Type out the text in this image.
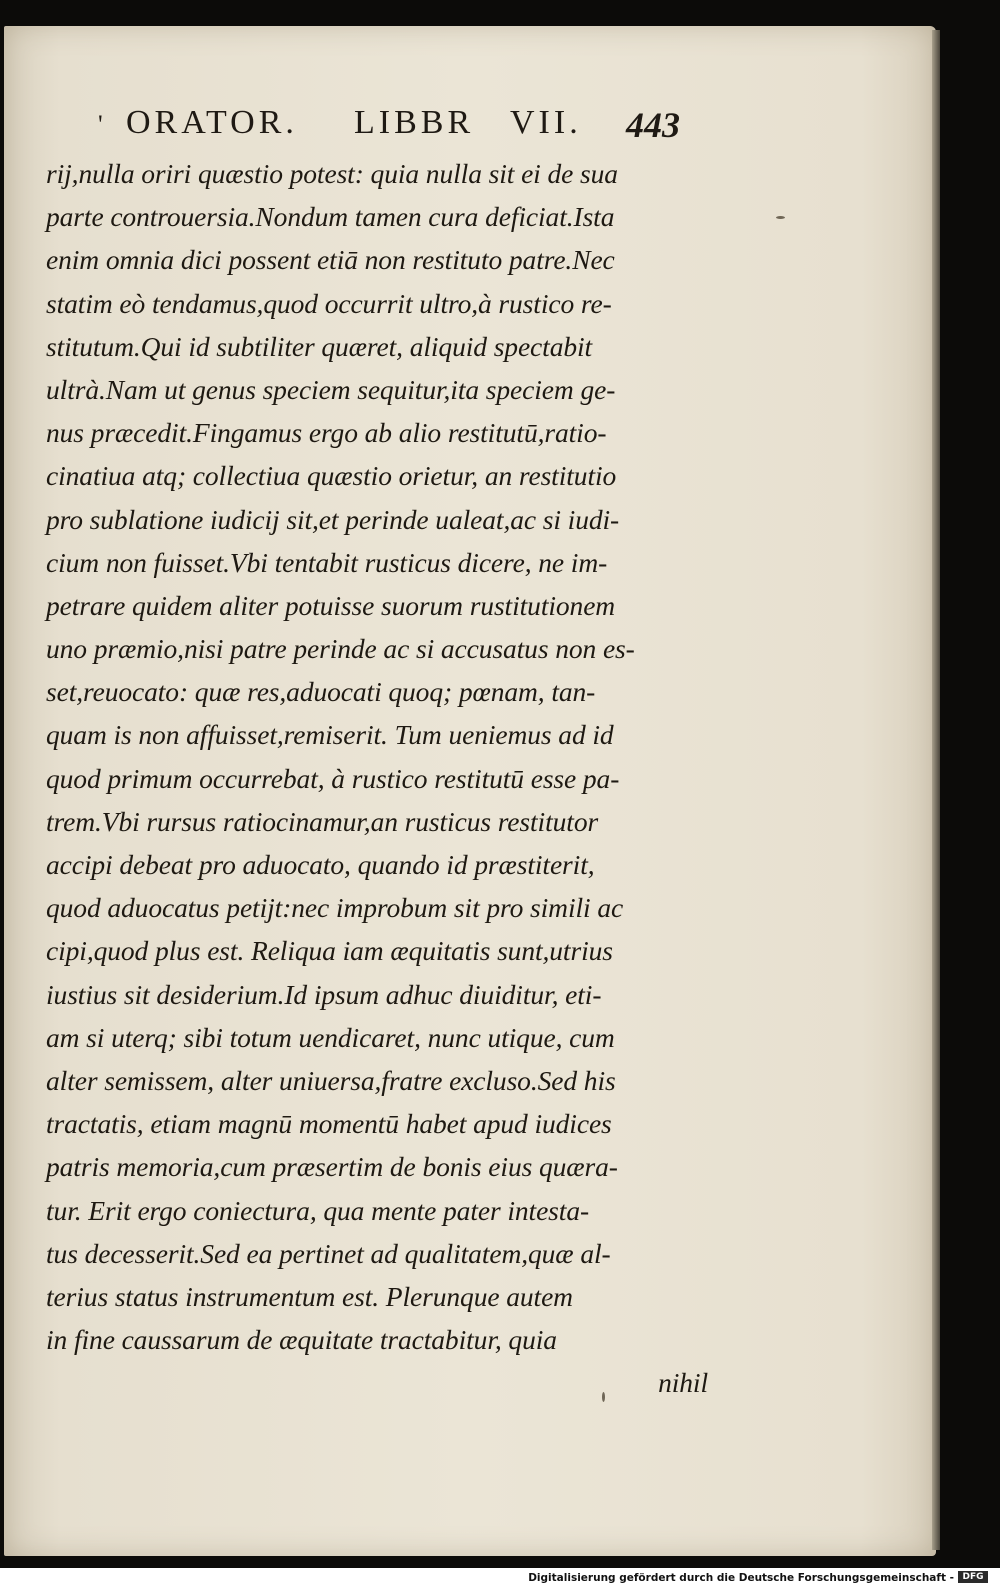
' ORATOR. LIBBR VII. 443
rij,nulla oriri quæstio potest: quia nulla sit ei de sua
parte controuersia.Nondum tamen cura deficiat.Ista
enim omnia dici possent etiā non restituto patre.Nec
statim eò tendamus,quod occurrit ultro,à rustico re-
stitutum.Qui id subtiliter quæret, aliquid spectabit
ultrà.Nam ut genus speciem sequitur,ita speciem ge-
nus præcedit.Fingamus ergo ab alio restitutū,ratio-
cinatiua atq; collectiua quæstio orietur, an restitutio
pro sublatione iudicij sit,et perinde ualeat,ac si iudi-
cium non fuisset.Vbi tentabit rusticus dicere, ne im-
petrare quidem aliter potuisse suorum rustitutionem
uno præmio,nisi patre perinde ac si accusatus non es-
set,reuocato: quæ res,aduocati quoq; pœnam, tan-
quam is non affuisset,remiserit. Tum ueniemus ad id
quod primum occurrebat, à rustico restitutū esse pa-
trem.Vbi rursus ratiocinamur,an rusticus restitutor
accipi debeat pro aduocato, quando id præstiterit,
quod aduocatus petijt:nec improbum sit pro simili ac
cipi,quod plus est. Reliqua iam æquitatis sunt,utrius
iustius sit desiderium.Id ipsum adhuc diuiditur, eti-
am si uterq; sibi totum uendicaret, nunc utique, cum
alter semissem, alter uniuersa,fratre excluso.Sed his
tractatis, etiam magnū momentū habet apud iudices
patris memoria,cum præsertim de bonis eius quæra-
tur. Erit ergo coniectura, qua mente pater intesta-
tus decesserit.Sed ea pertinet ad qualitatem,quæ al-
terius status instrumentum est. Plerunque autem
in fine caussarum de æquitate tractabitur, quia
nihil
Digitalisierung gefördert durch die Deutsche Forschungsgemeinschaft - DFG
